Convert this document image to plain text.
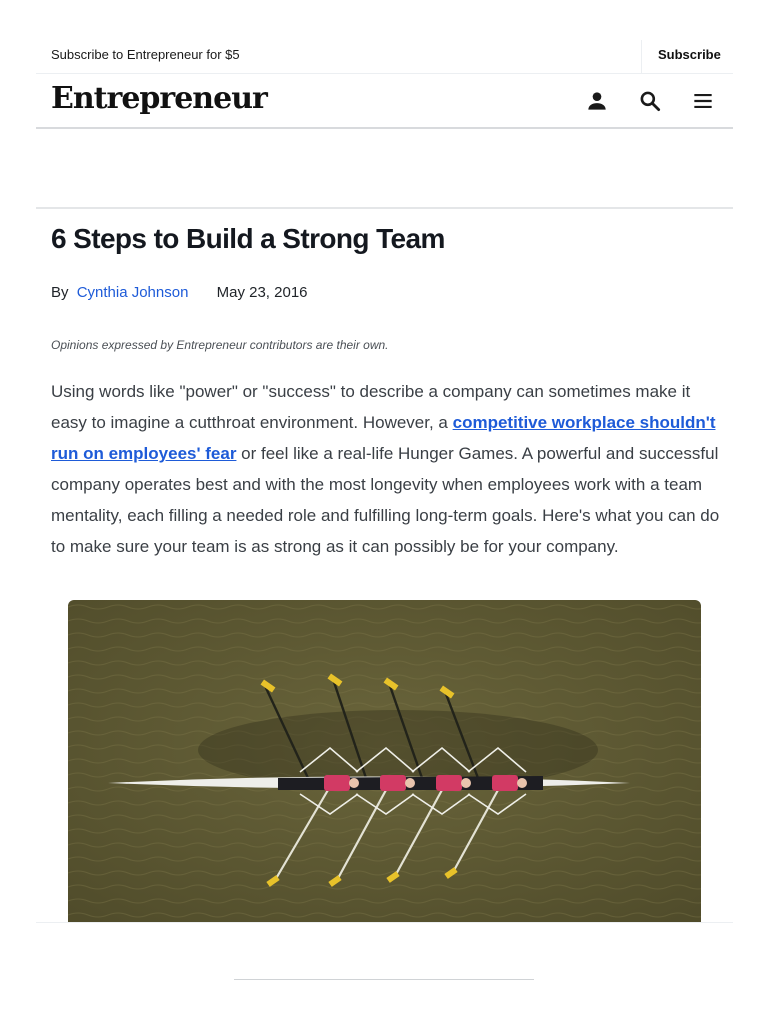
Subscribe to Entrepreneur for $5	Subscribe
Entrepreneur
6 Steps to Build a Strong Team
By Cynthia Johnson May 23, 2016
Opinions expressed by Entrepreneur contributors are their own.

Using words like "power" or "success" to describe a company can sometimes make it easy to imagine a cutthroat environment. However, a competitive workplace shouldn't run on employees' fear or feel like a real-life Hunger Games. A powerful and successful company operates best and with the most longevity when employees work with a team mentality, each filling a needed role and fulfilling long-term goals. Here's what you can do to make sure your team is as strong as it can possibly be for your company.
